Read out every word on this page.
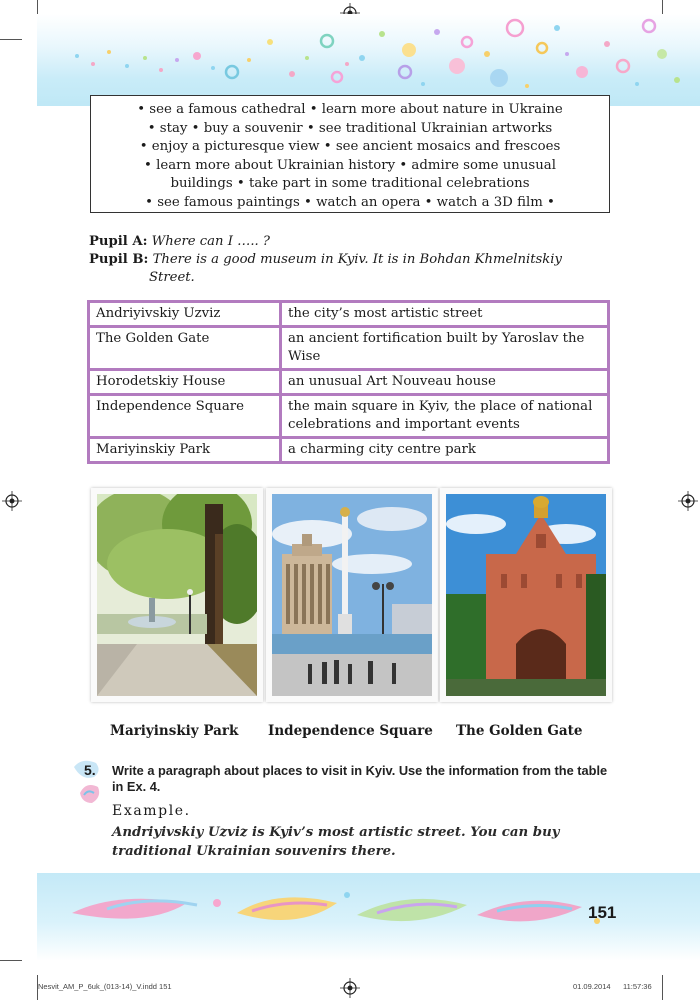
• see a famous cathedral • learn more about nature in Ukraine
• stay • buy a souvenir • see traditional Ukrainian artworks
• enjoy a picturesque view • see ancient mosaics and frescoes
• learn more about Ukrainian history • admire some unusual
buildings • take part in some traditional celebrations
• see famous paintings • watch an opera • watch a 3D film •
Pupil A: Where can I ….. ?
Pupil B: There is a good museum in Kyiv. It is in Bohdan Khmelnitskiy
Street.
Andriyivskiy Uzviz	the city’s most artistic street
The Golden Gate	an ancient fortification built by Yaroslav the Wise
Horodetskiy House	an unusual Art Nouveau house
Independence Square	the main square in Kyiv, the place of national celebrations and important events
Mariyinskiy Park	a charming city centre park
Mariyinskiy Park Independence Square The Golden Gate
5. Write a paragraph about places to visit in Kyiv. Use the information from the table in Ex. 4.
Example.
Andriyivskiy Uzviz is Kyiv’s most artistic street. You can buy traditional Ukrainian souvenirs there.
151
Nesvit_AM_P_6uk_(013-14)_V.indd 151	01.09.2014 11:57:36
